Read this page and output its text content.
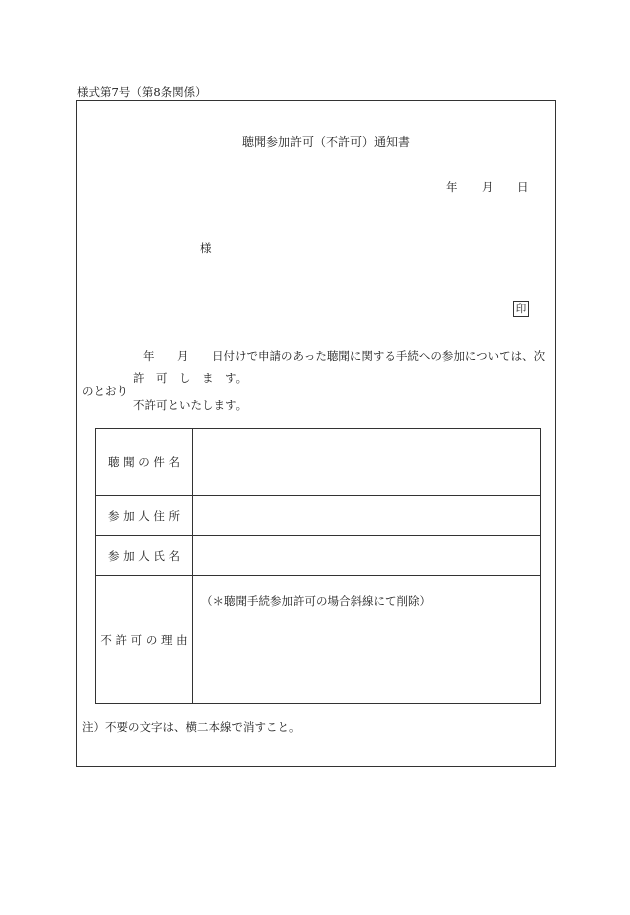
様式第7号（第8条関係）
聴聞参加許可（不許可）通知書
年 月 日
様
印
年 月 日付けで申請のあった聴聞に関する手続への参加については、次
許　可　し　ま　す。
のとおり
不許可といたします。
聴 聞 の 件 名	
参 加 人 住 所	
参 加 人 氏 名	
不 許 可 の 理 由	（＊聴聞手続参加許可の場合斜線にて削除）
注）不要の文字は、横二本線で消すこと。
